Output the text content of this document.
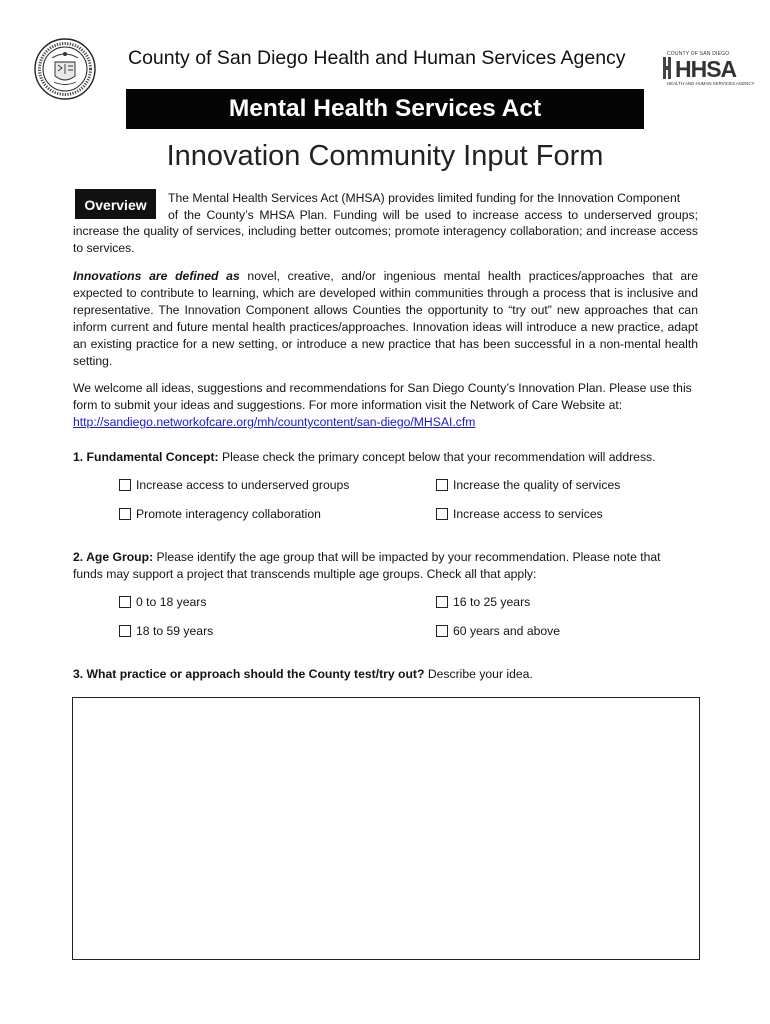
County of San Diego Health and Human Services Agency	COUNTY OF SAN DIEGO
HHSA
HEALTH AND HUMAN SERVICES AGENCY
Mental Health Services Act
Innovation Community Input Form
Overview	The Mental Health Services Act (MHSA) provides limited funding for the Innovation Component
of the County’s MHSA Plan. Funding will be used to increase access to underserved groups;
increase the quality of services, including better outcomes; promote interagency collaboration; and increase access to services.
Innovations are defined as novel, creative, and/or ingenious mental health practices/approaches that are expected to contribute to learning, which are developed within communities through a process that is inclusive and representative. The Innovation Component allows Counties the opportunity to “try out” new approaches that can inform current and future mental health practices/approaches. Innovation ideas will introduce a new practice, adapt an existing practice for a new setting, or introduce a new practice that has been successful in a non-mental health setting.
We welcome all ideas, suggestions and recommendations for San Diego County’s Innovation Plan. Please use this form to submit your ideas and suggestions. For more information visit the Network of Care Website at:
http://sandiego.networkofcare.org/mh/countycontent/san-diego/MHSAI.cfm
1. Fundamental Concept: Please check the primary concept below that your recommendation will address.
Increase access to underserved groups	Increase the quality of services
Promote interagency collaboration	Increase access to services
2. Age Group: Please identify the age group that will be impacted by your recommendation. Please note that
funds may support a project that transcends multiple age groups. Check all that apply:
0 to 18 years	16 to 25 years
18 to 59 years	60 years and above
3. What practice or approach should the County test/try out? Describe your idea.
